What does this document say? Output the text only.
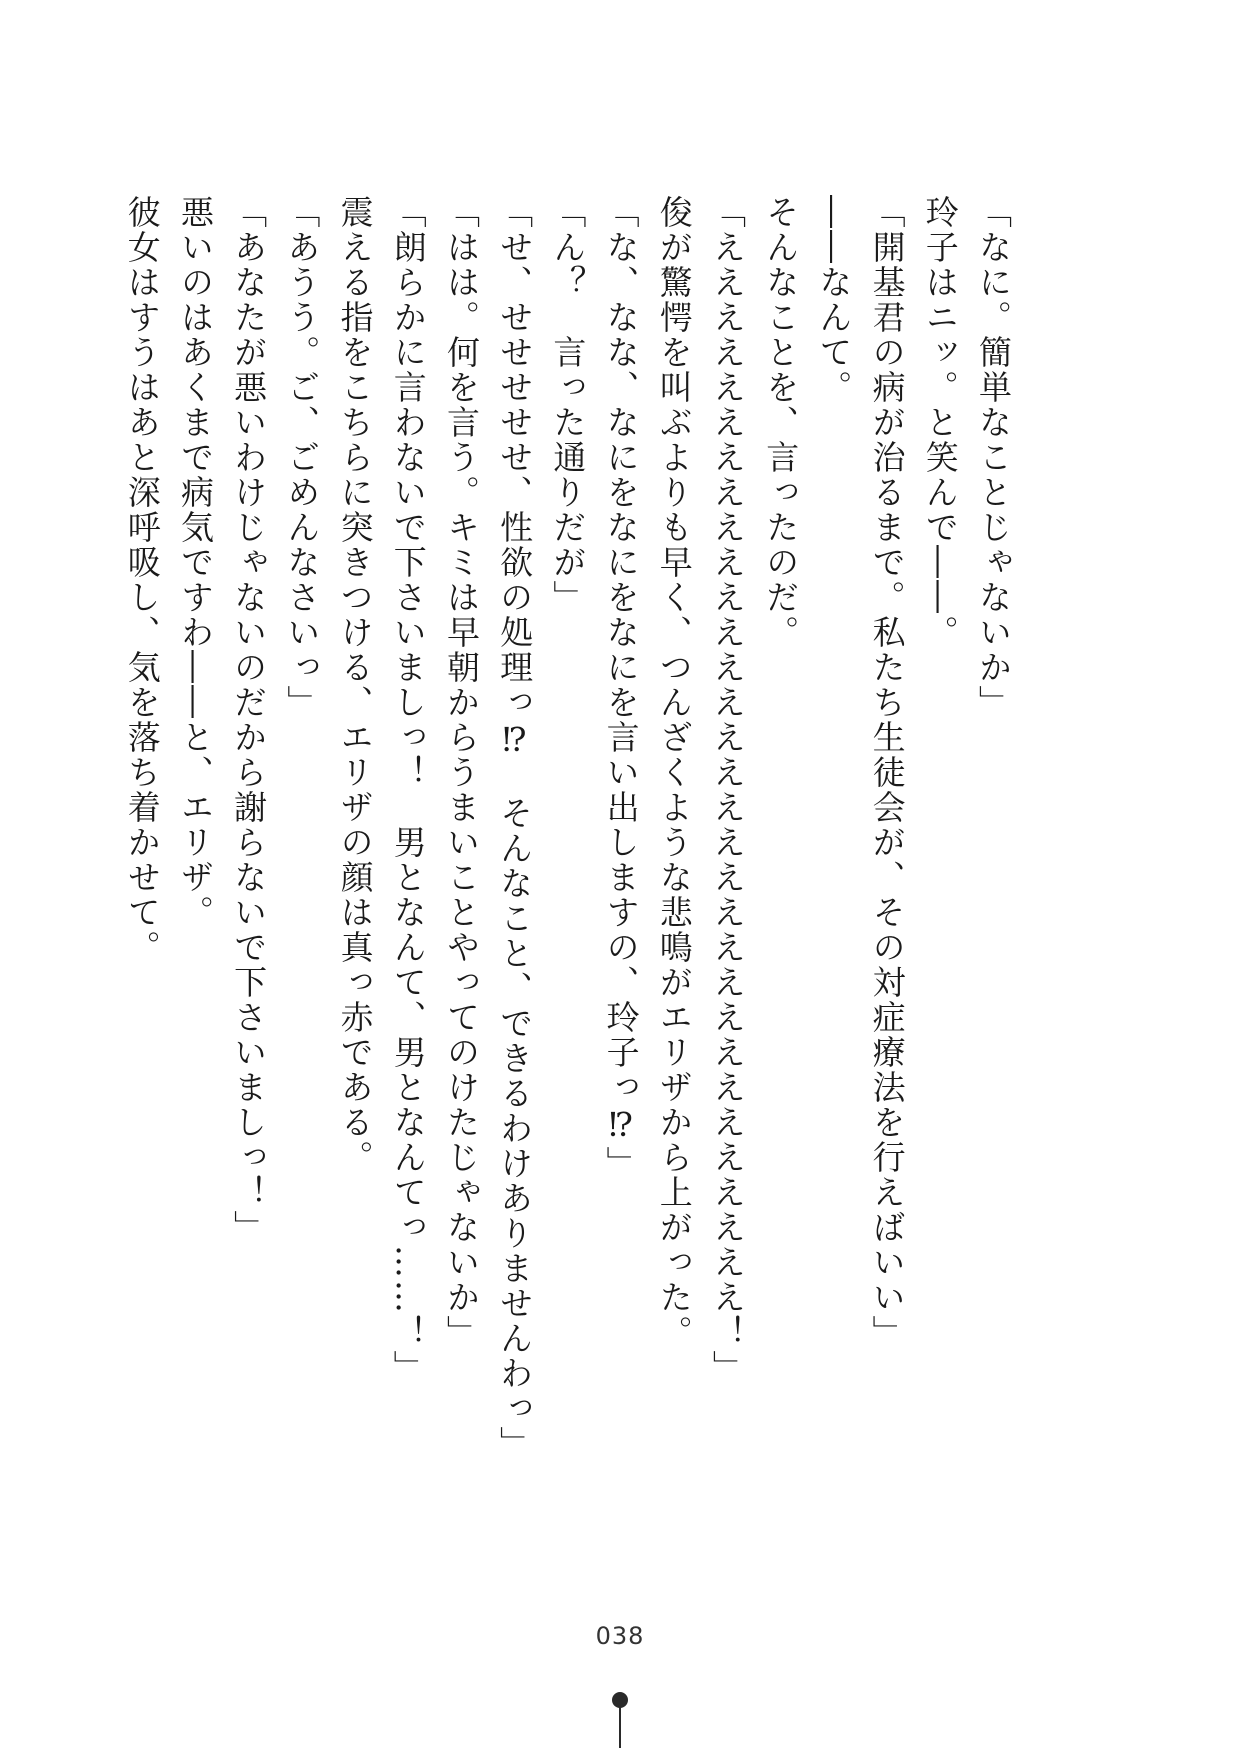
「なに。簡単なことじゃないか」
玲子はニッ。と笑んで――。
「開基君の病が治るまで。私たち生徒会が、その対症療法を行えばいい」
――なんて。
そんなことを、言ったのだ。
「えええええええええええええええええええええええええええええええ！」
俊が驚愕を叫ぶよりも早く、つんざくような悲鳴がエリザから上がった。
「な、なな、なにをなにをなにを言い出しますの、玲子っ⁉」
「ん？　言った通りだが」
「せ、せせせせせ、性欲の処理っ⁉　そんなこと、できるわけありませんわっ」
「はは。何を言う。キミは早朝からうまいことやってのけたじゃないか」
「朗らかに言わないで下さいましっ！　男となんて、男となんてっ……！」
震える指をこちらに突きつける、エリザの顔は真っ赤である。
「あうう。ご、ごめんなさいっ」
「あなたが悪いわけじゃないのだから謝らないで下さいましっ！」
悪いのはあくまで病気ですわ――と、エリザ。
彼女はすうはあと深呼吸し、気を落ち着かせて。
038
